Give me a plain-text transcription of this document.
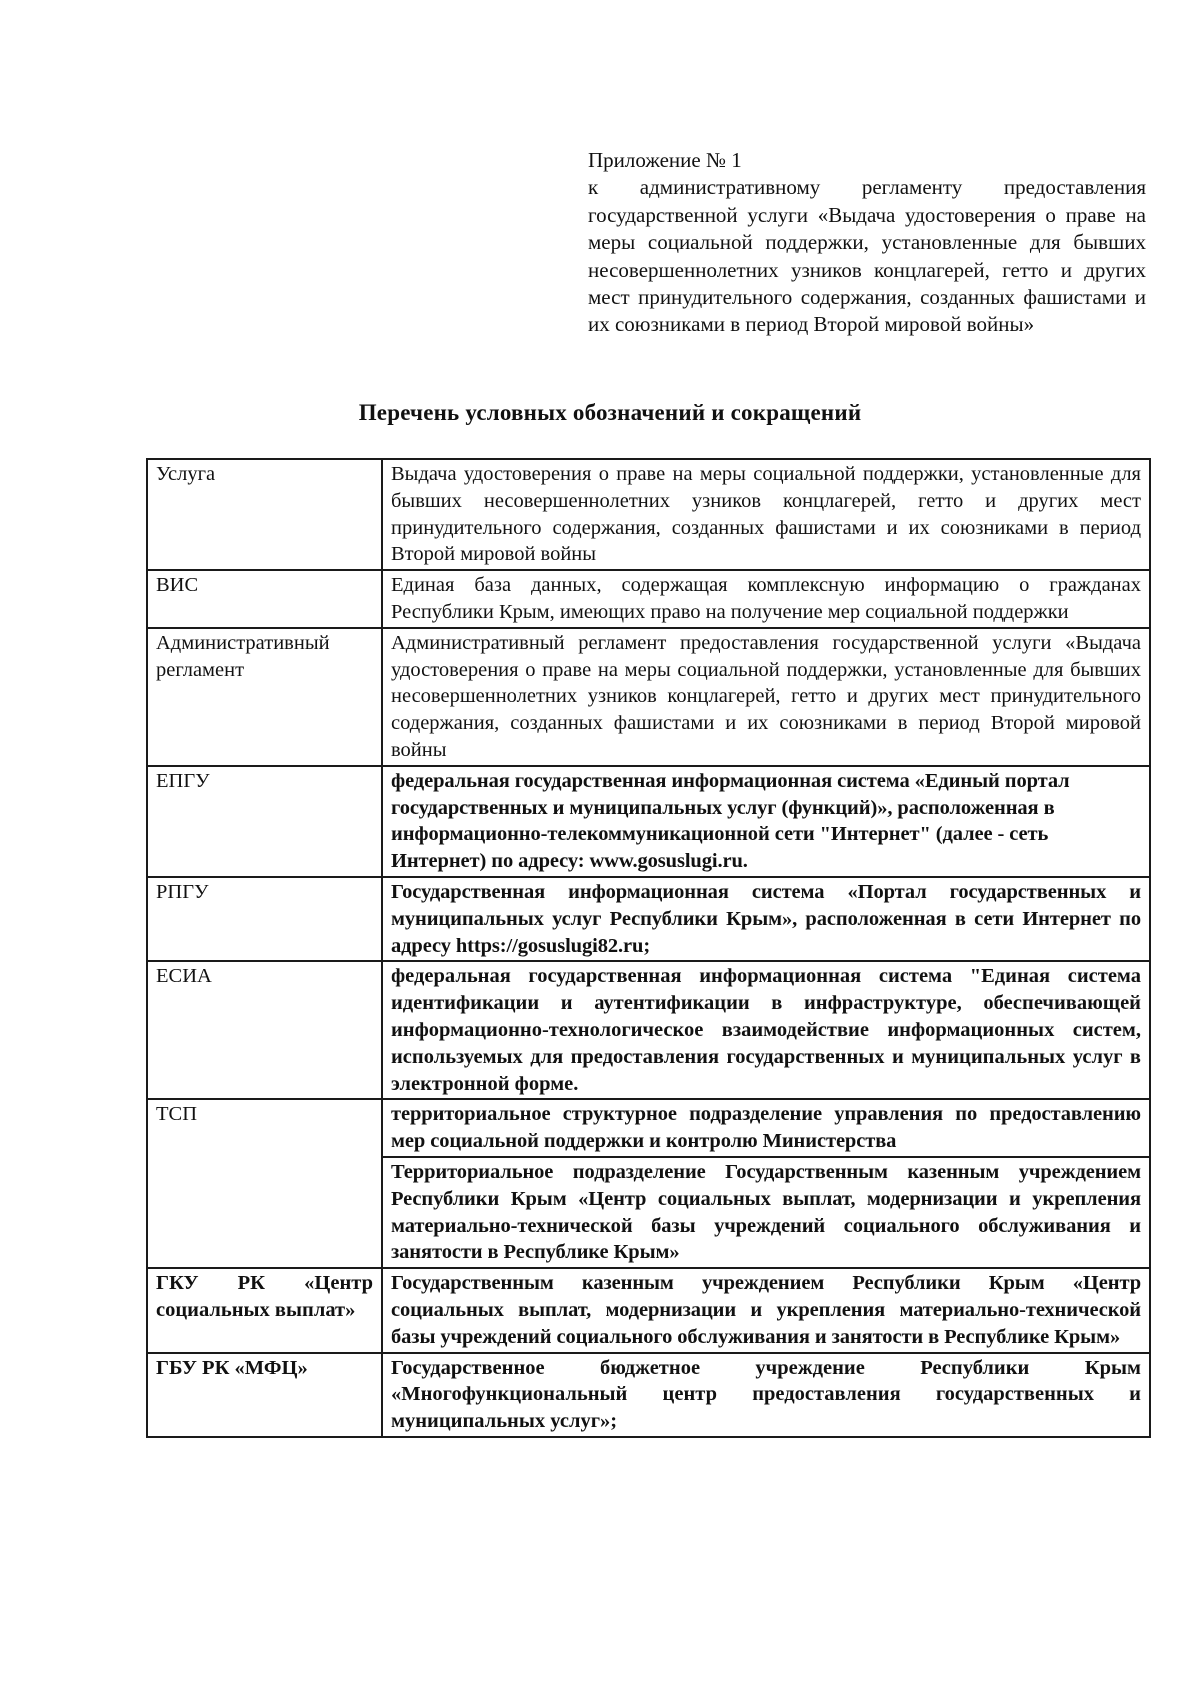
Приложение № 1
к административному регламенту предоставления государственной услуги «Выдача удостоверения о праве на меры социальной поддержки, установленные для бывших несовершеннолетних узников концлагерей, гетто и других мест принудительного содержания, созданных фашистами и их союзниками в период Второй мировой войны»
Перечень условных обозначений и сокращений
Услуга	Выдача удостоверения о праве на меры социальной поддержки, установленные для бывших несовершеннолетних узников концлагерей, гетто и других мест принудительного содержания, созданных фашистами и их союзниками в период Второй мировой войны
ВИС	Единая база данных, содержащая комплексную информацию о гражданах Республики Крым, имеющих право на получение мер социальной поддержки
Административный регламент	Административный регламент предоставления государственной услуги «Выдача удостоверения о праве на меры социальной поддержки, установленные для бывших несовершеннолетних узников концлагерей, гетто и других мест принудительного содержания, созданных фашистами и их союзниками в период Второй мировой войны
ЕПГУ	федеральная государственная информационная система «Единый портал государственных и муниципальных услуг (функций)», расположенная в информационно-телекоммуникационной сети "Интернет" (далее - сеть Интернет) по адресу: www.gosuslugi.ru.
РПГУ	Государственная информационная система «Портал государственных и муниципальных услуг Республики Крым», расположенная в сети Интернет по адресу https://gosuslugi82.ru;
ЕСИА	федеральная государственная информационная система "Единая система идентификации и аутентификации в инфраструктуре, обеспечивающей информационно-технологическое взаимодействие информационных систем, используемых для предоставления государственных и муниципальных услуг в электронной форме.
ТСП	территориальное структурное подразделение управления по предоставлению мер социальной поддержки и контролю Министерства
	Территориальное подразделение Государственным казенным учреждением Республики Крым «Центр социальных выплат, модернизации и укрепления материально-технической базы учреждений социального обслуживания и занятости в Республике Крым»
ГКУ РК «Центр социальных выплат»	Государственным казенным учреждением Республики Крым «Центр социальных выплат, модернизации и укрепления материально-технической базы учреждений социального обслуживания и занятости в Республике Крым»
ГБУ РК «МФЦ»	Государственное бюджетное учреждение Республики Крым «Многофункциональный центр предоставления государственных и муниципальных услуг»;
